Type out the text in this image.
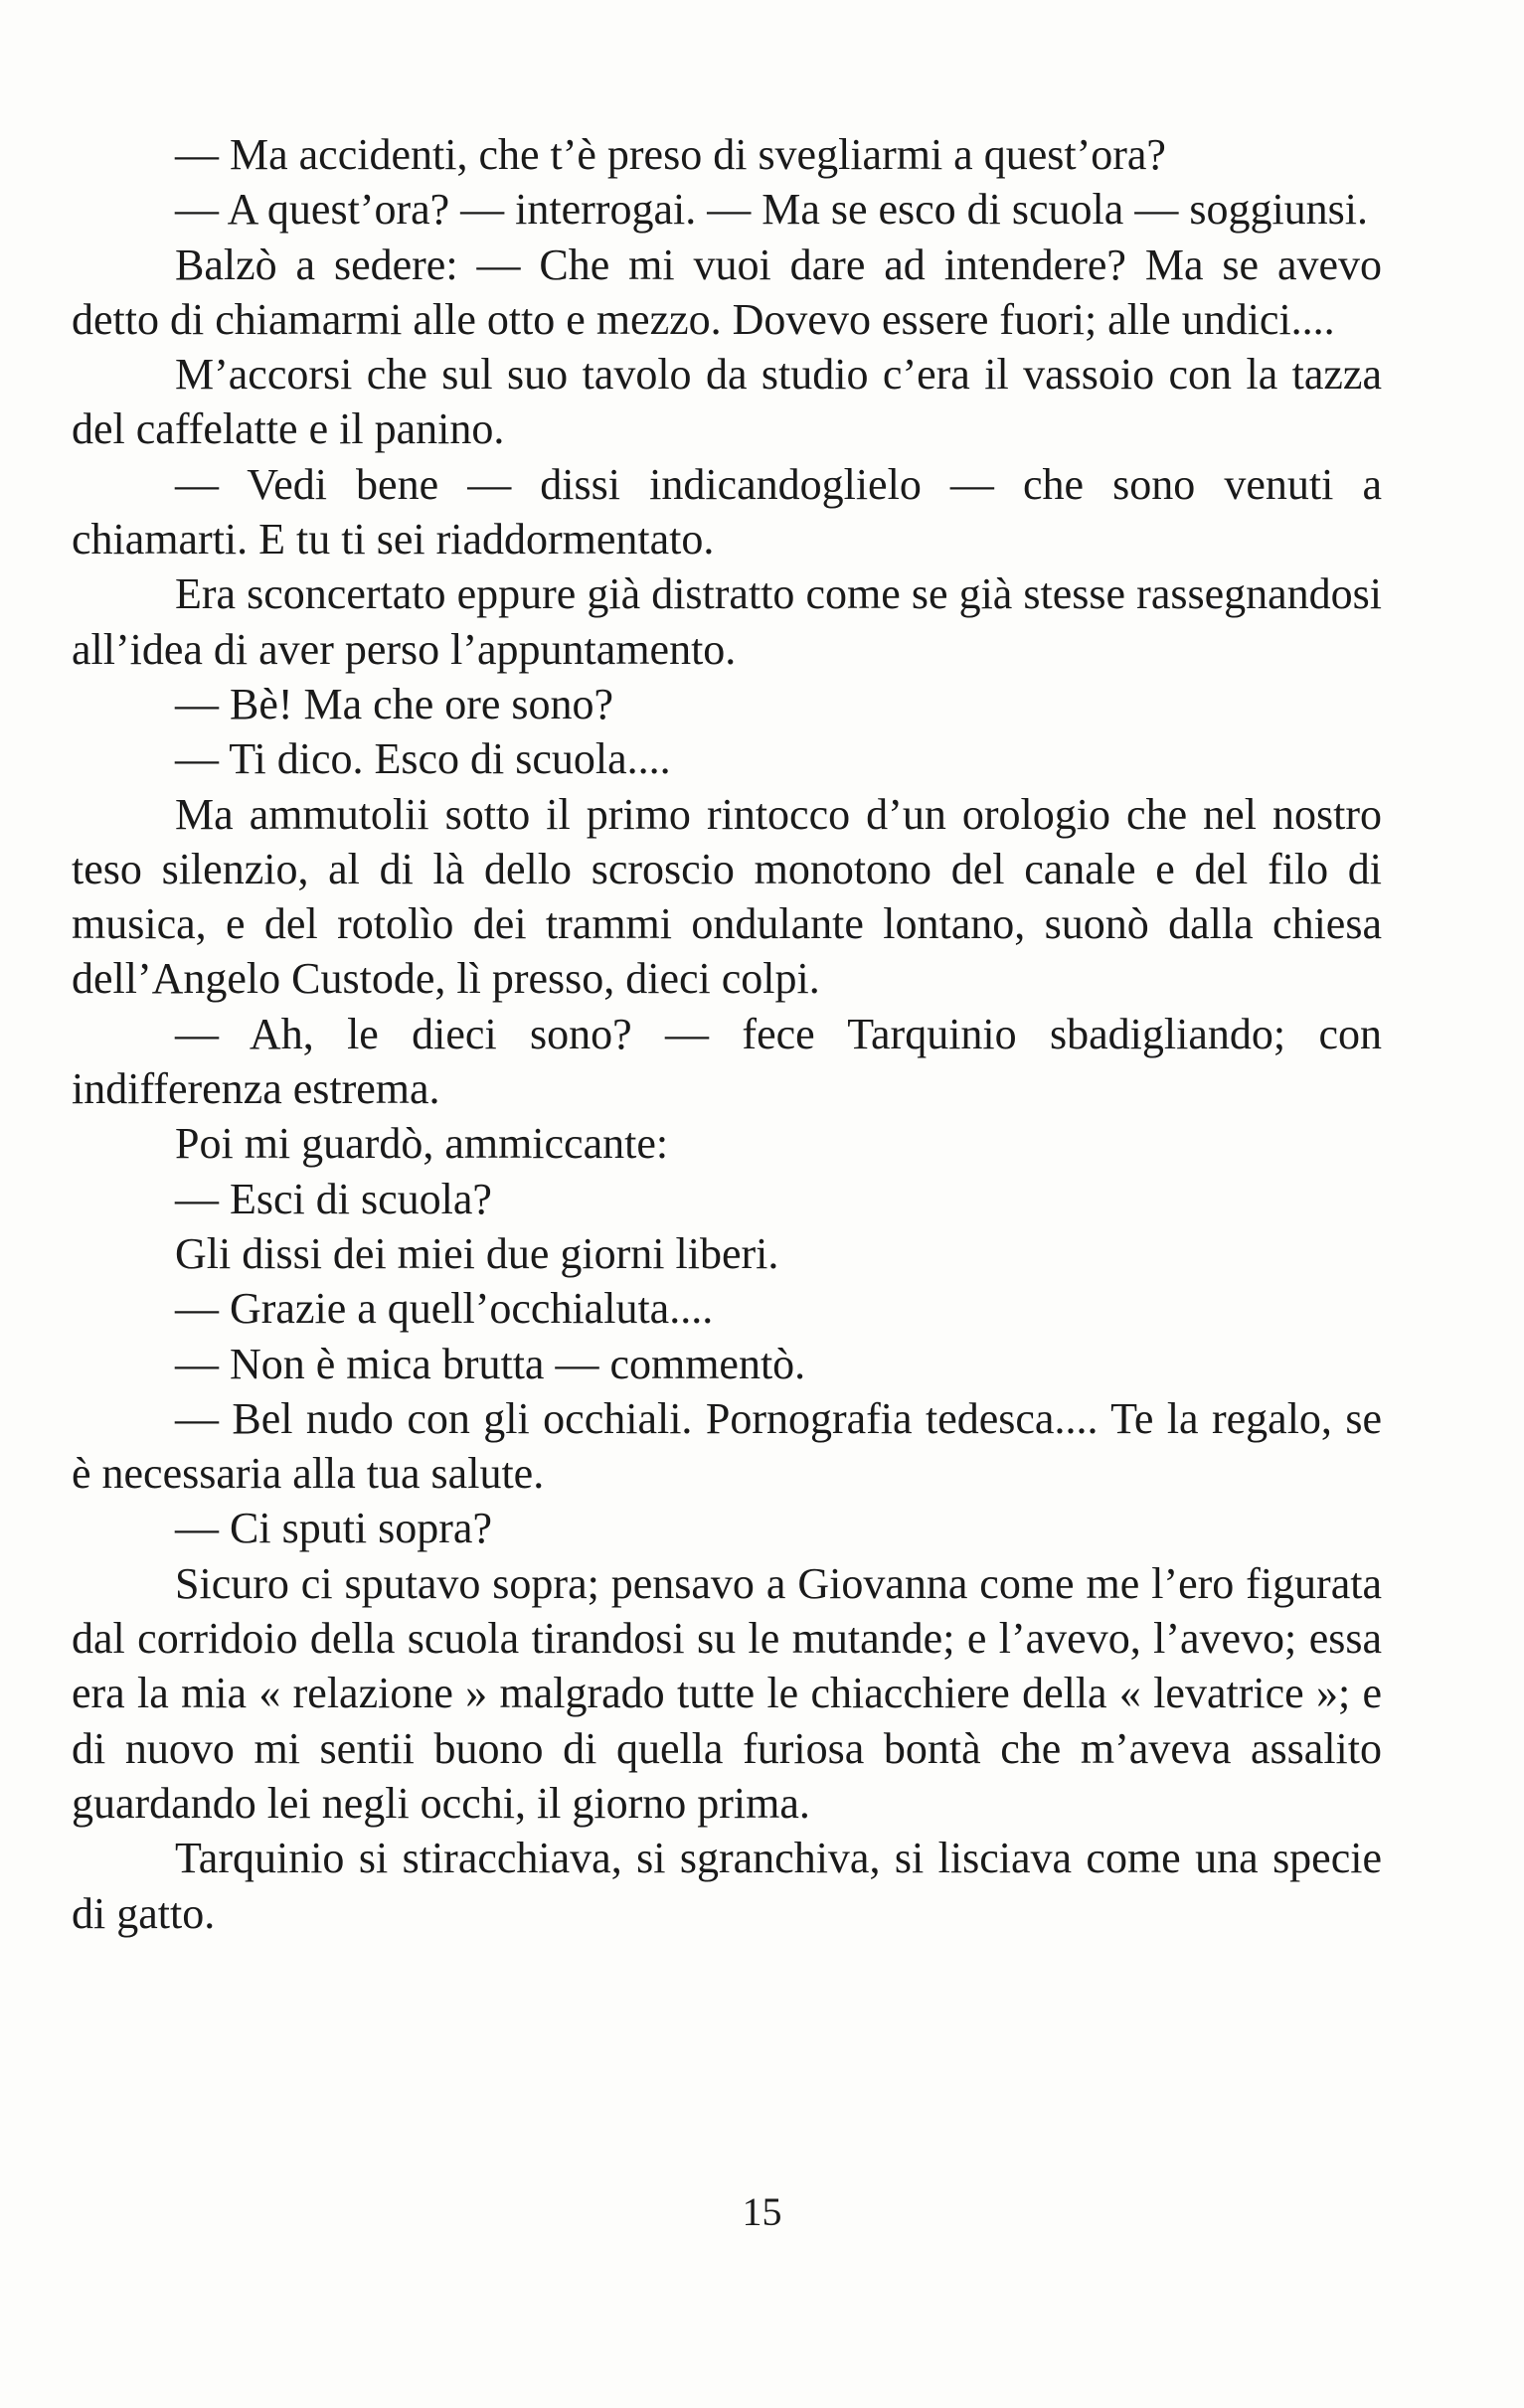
— Ma accidenti, che t’è preso di svegliarmi a quest’ora?

— A quest’ora? — interrogai. — Ma se esco di scuola — soggiunsi.

Balzò a sedere: — Che mi vuoi dare ad intendere? Ma se avevo detto di chiamarmi alle otto e mezzo. Dovevo essere fuori; alle undici....

M’accorsi che sul suo tavolo da studio c’era il vassoio con la tazza del caffelatte e il panino.

— Vedi bene — dissi indicandoglielo — che sono venuti a chiamarti. E tu ti sei riaddormentato.

Era sconcertato eppure già distratto come se già stesse rassegnandosi all’idea di aver perso l’appuntamento.

— Bè! Ma che ore sono?

— Ti dico. Esco di scuola....

Ma ammutolii sotto il primo rintocco d’un orologio che nel nostro teso silenzio, al di là dello scroscio monotono del canale e del filo di musica, e del rotolìo dei trammi ondulante lontano, suonò dalla chiesa dell’Angelo Custode, lì presso, dieci colpi.

— Ah, le dieci sono? — fece Tarquinio sbadigliando; con indifferenza estrema.

Poi mi guardò, ammiccante:

— Esci di scuola?

Gli dissi dei miei due giorni liberi.

— Grazie a quell’occhialuta....

— Non è mica brutta — commentò.

— Bel nudo con gli occhiali. Pornografia tedesca.... Te la regalo, se è necessaria alla tua salute.

— Ci sputi sopra?

Sicuro ci sputavo sopra; pensavo a Giovanna come me l’ero figurata dal corridoio della scuola tirandosi su le mutande; e l’avevo, l’avevo; essa era la mia « relazione » malgrado tutte le chiacchiere della « levatrice »; e di nuovo mi sentii buono di quella furiosa bontà che m’aveva assalito guardando lei negli occhi, il giorno prima.

Tarquinio si stiracchiava, si sgranchiva, si lisciava come una specie di gatto.

15
